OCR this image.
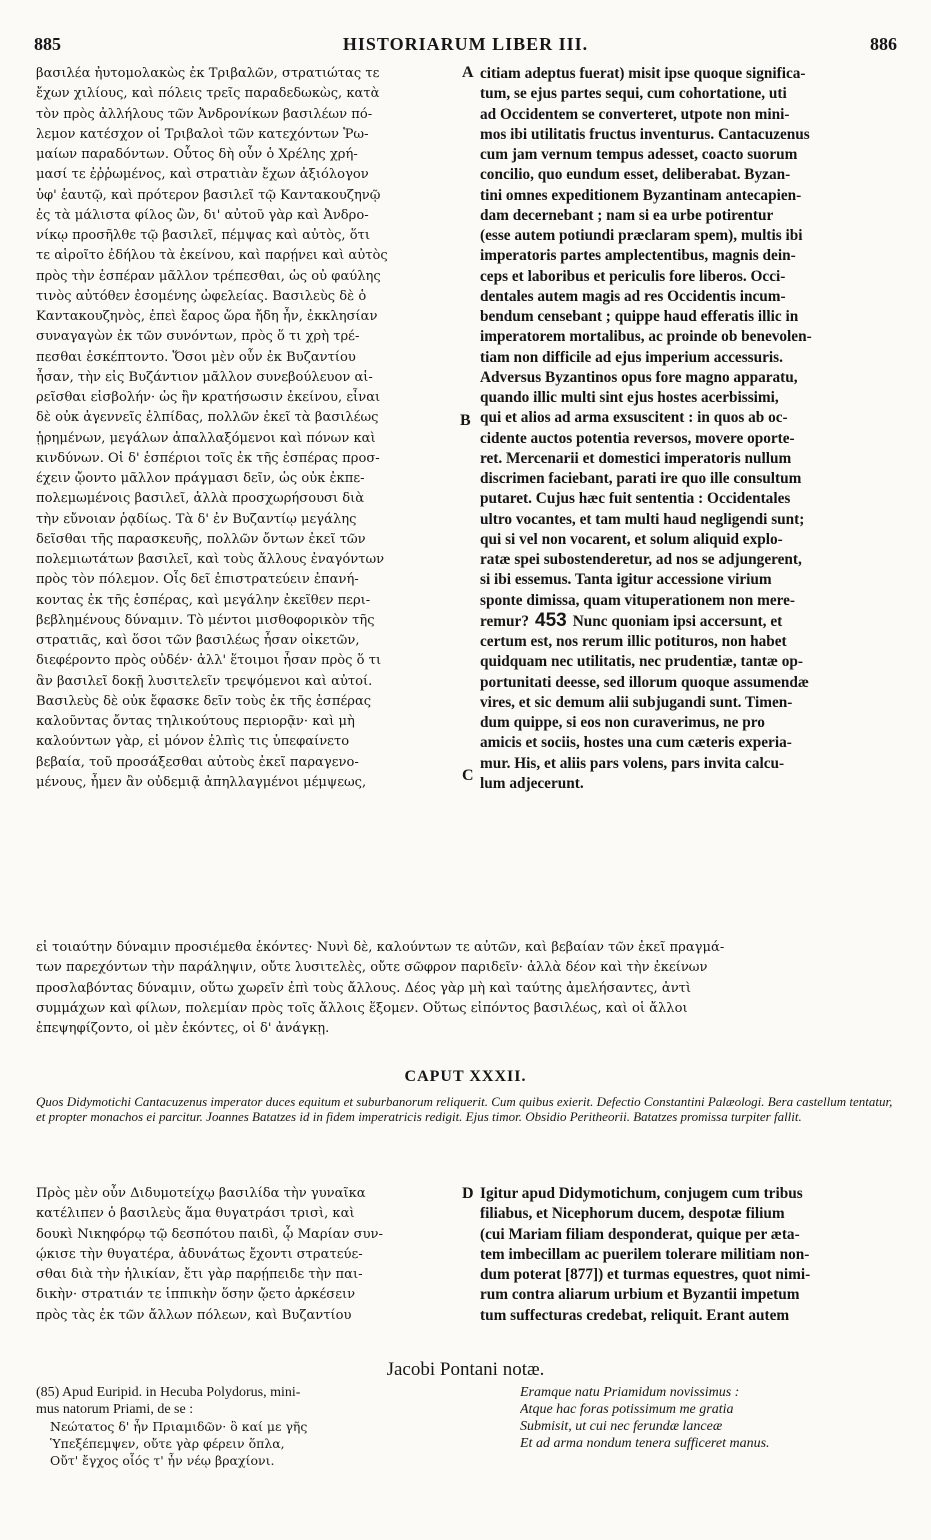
885	HISTORIARUM LIBER III.	886
βασιλέα ἠυτομολακὼς ἐκ Τριβαλῶν, στρατιώτας τε
ἔχων χιλίους, καὶ πόλεις τρεῖς παραδεδωκὼς, κατὰ
τὸν πρὸς ἀλλήλους τῶν Ἀνδρονίκων βασιλέων πό-
λεμον κατέσχον οἱ Τριβαλοὶ τῶν κατεχόντων Ῥω-
μαίων παραδόντων. Οὗτος δὴ οὖν ὁ Χρέλης χρή-
μασί τε ἐῤῥωμένος, καὶ στρατιὰν ἔχων ἀξιόλογον
ὑφ' ἑαυτῷ, καὶ πρότερον βασιλεῖ τῷ Καντακουζηνῷ
ἐς τὰ μάλιστα φίλος ὢν, δι' αὐτοῦ γὰρ καὶ Ἀνδρο-
νίκῳ προσῆλθε τῷ βασιλεῖ, πέμψας καὶ αὐτὸς, ὅτι
τε αἱροῖτο ἐδήλου τὰ ἐκείνου, καὶ παρῄνει καὶ αὐτὸς
πρὸς τὴν ἑσπέραν μᾶλλον τρέπεσθαι, ὡς οὐ φαύλης
τινὸς αὐτόθεν ἐσομένης ὠφελείας. Βασιλεὺς δὲ ὁ
Καντακουζηνὸς, ἐπεὶ ἔαρος ὥρα ἤδη ἦν, ἐκκλησίαν
συναγαγὼν ἐκ τῶν συνόντων, πρὸς ὅ τι χρὴ τρέ-
πεσθαι ἐσκέπτοντο. Ὅσοι μὲν οὖν ἐκ Βυζαντίου
ἦσαν, τὴν εἰς Βυζάντιον μᾶλλον συνεβούλευον αἱ-
ρεῖσθαι εἰσβολήν· ὡς ἢν κρατήσωσιν ἐκείνου, εἶναι
δὲ οὐκ ἀγεννεῖς ἐλπίδας, πολλῶν ἐκεῖ τὰ βασιλέως
ᾑρημένων, μεγάλων ἀπαλλαξόμενοι καὶ πόνων καὶ
κινδύνων. Οἱ δ' ἑσπέριοι τοῖς ἐκ τῆς ἑσπέρας προσ-
έχειν ᾤοντο μᾶλλον πράγμασι δεῖν, ὡς οὐκ ἐκπε-
πολεμωμένοις βασιλεῖ, ἀλλὰ προσχωρήσουσι διὰ
τὴν εὔνοιαν ῥᾳδίως. Τὰ δ' ἐν Βυζαντίῳ μεγάλης
δεῖσθαι τῆς παρασκευῆς, πολλῶν ὄντων ἐκεῖ τῶν
πολεμιωτάτων βασιλεῖ, καὶ τοὺς ἄλλους ἐναγόντων
πρὸς τὸν πόλεμον. Οἷς δεῖ ἐπιστρατεύειν ἐπανή-
κοντας ἐκ τῆς ἑσπέρας, καὶ μεγάλην ἐκεῖθεν περι-
βεβλημένους δύναμιν. Τὸ μέντοι μισθοφορικὸν τῆς
στρατιᾶς, καὶ ὅσοι τῶν βασιλέως ἦσαν οἰκετῶν,
διεφέροντο πρὸς οὐδέν· ἀλλ' ἕτοιμοι ἦσαν πρὸς ὅ τι
ἂν βασιλεῖ δοκῇ λυσιτελεῖν τρεψόμενοι καὶ αὐτοί.
Βασιλεὺς δὲ οὐκ ἔφασκε δεῖν τοὺς ἐκ τῆς ἑσπέρας
καλοῦντας ὄντας τηλικούτους περιορᾷν· καὶ μὴ
καλούντων γὰρ, εἰ μόνον ἐλπὶς τις ὑπεφαίνετο
βεβαία, τοῦ προσάξεσθαι αὐτοὺς ἐκεῖ παραγενο-
μένους, ἦμεν ἂν οὐδεμιᾷ ἀπηλλαγμένοι μέμψεως,
citiam adeptus fuerat) misit ipse quoque significa-
tum, se ejus partes sequi, cum cohortatione, uti
ad Occidentem se converteret, utpote non mini-
mos ibi utilitatis fructus inventurus. Cantacuzenus
cum jam vernum tempus adesset, coacto suorum
concilio, quo eundum esset, deliberabat. Byzan-
tini omnes expeditionem Byzantinam antecapien-
dam decernebant ; nam si ea urbe potirentur
(esse autem potiundi præclaram spem), multis ibi
imperatoris partes amplectentibus, magnis dein-
ceps et laboribus et periculis fore liberos. Occi-
dentales autem magis ad res Occidentis incum-
bendum censebant ; quippe haud efferatis illic in
imperatorem mortalibus, ac proinde ob benevolen-
tiam non difficile ad ejus imperium accessuris.
Adversus Byzantinos opus fore magno apparatu,
quando illic multi sint ejus hostes acerbissimi,
qui et alios ad arma exsuscitent : in quos ab oc-
cidente auctos potentia reversos, movere oporte-
ret. Mercenarii et domestici imperatoris nullum
discrimen faciebant, parati ire quo ille consultum
putaret. Cujus hæc fuit sententia : Occidentales
ultro vocantes, et tam multi haud negligendi sunt;
qui si vel non vocarent, et solum aliquid explo-
ratæ spei subostenderetur, ad nos se adjungerent,
si ibi essemus. Tanta igitur accessione virium
sponte dimissa, quam vituperationem non mere-
remur? 453 Nunc quoniam ipsi accersunt, et
certum est, nos rerum illic potituros, non habet
quidquam nec utilitatis, nec prudentiæ, tantæ op-
portunitati deesse, sed illorum quoque assumendæ
vires, et sic demum alii subjugandi sunt. Timen-
dum quippe, si eos non curaverimus, ne pro
amicis et sociis, hostes una cum cæteris experia-
mur. His, et aliis pars volens, pars invita calcu-
lum adjecerunt.
A
B
C
D
εἰ τοιαύτην δύναμιν προσιέμεθα ἑκόντες· Νυνὶ δὲ, καλούντων τε αὐτῶν, καὶ βεβαίαν τῶν ἐκεῖ πραγμά-
των παρεχόντων τὴν παράληψιν, οὔτε λυσιτελὲς, οὔτε σῶφρον παριδεῖν· ἀλλὰ δέον καὶ τὴν ἐκείνων
προσλαβόντας δύναμιν, οὕτω χωρεῖν ἐπὶ τοὺς ἄλλους. Δέος γὰρ μὴ καὶ ταύτης ἀμελήσαντες, ἀντὶ
συμμάχων καὶ φίλων, πολεμίαν πρὸς τοῖς ἄλλοις ἕξομεν. Οὕτως εἰπόντος βασιλέως, καὶ οἱ ἄλλοι
ἐπεψηφίζοντο, οἱ μὲν ἑκόντες, οἱ δ' ἀνάγκῃ.
CAPUT XXXII.
Quos Didymotichi Cantacuzenus imperator duces equitum et suburbanorum reliquerit. Cum quibus exierit. Defectio Constantini Palæologi. Bera castellum tentatur, et propter monachos ei parcitur. Joannes Batatzes id in fidem imperatricis redigit. Ejus timor. Obsidio Peritheorii. Batatzes promissa turpiter fallit.
Πρὸς μὲν οὖν Διδυμοτείχῳ βασιλίδα τὴν γυναῖκα
κατέλιπεν ὁ βασιλεὺς ἅμα θυγατράσι τρισὶ, καὶ
δουκὶ Νικηφόρῳ τῷ δεσπότου παιδὶ, ᾧ Μαρίαν συν-
ῴκισε τὴν θυγατέρα, ἀδυνάτως ἔχοντι στρατεύε-
σθαι διὰ τὴν ἡλικίαν, ἔτι γὰρ παρῄπειδε τὴν παι-
δικὴν· στρατιάν τε ἱππικὴν ὅσην ᾤετο ἀρκέσειν
πρὸς τὰς ἐκ τῶν ἄλλων πόλεων, καὶ Βυζαντίου
Igitur apud Didymotichum, conjugem cum tribus
filiabus, et Nicephorum ducem, despotæ filium
(cui Mariam filiam desponderat, quique per æta-
tem imbecillam ac puerilem tolerare militiam non-
dum poterat [877]) et turmas equestres, quot nimi-
rum contra aliarum urbium et Byzantii impetum
tum suffecturas credebat, reliquit. Erant autem
Jacobi Pontani notæ.
(85) Apud Euripid. in Hecuba Polydorus, mini-
mus natorum Priami, de se :
Νεώτατος δ' ἦν Πριαμιδῶν· ὃ καί με γῆς
Ὑπεξέπεμψεν, οὔτε γὰρ φέρειν ὅπλα,
Οὔτ' ἔγχος οἷός τ' ἦν νέῳ βραχίονι.
Eramque natu Priamidum novissimus :
Atque hac foras potissimum me gratia
Submisit, ut cui nec ferundæ lanceæ
Et ad arma nondum tenera sufficeret manus.
